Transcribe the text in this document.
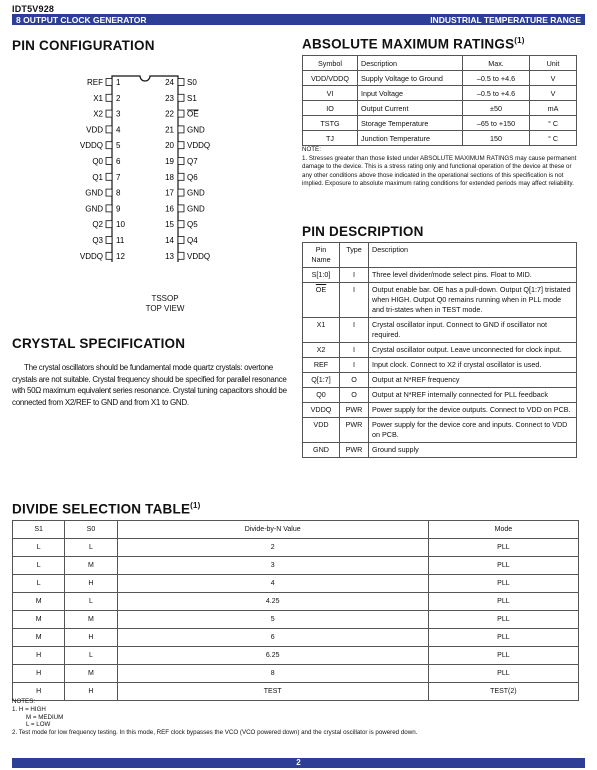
IDT5V928
8 OUTPUT CLOCK GENERATOR	INDUSTRIAL TEMPERATURE RANGE
PIN CONFIGURATION
1
REF
2
X1
3
X2
4
VDD
5
VDDQ
6
Q0
7
Q1
8
GND
9
GND
10
Q2
11
Q3
12
VDDQ
24 S0
23 S1
22 OE
21 GND
20 VDDQ
19 Q7
18 Q6
17 GND
16 GND
15 Q5
14 Q4
13 VDDQ
TSSOP
TOP VIEW
ABSOLUTE MAXIMUM RATINGS$^{(1)}$
Symbol	Description	Max.	Unit
VDD/VDDQ	Supply Voltage to Ground	–0.5 to +4.6	V
VI	Input Voltage	–0.5 to +4.6	V
IO	Output Current	±50	mA
TSTG	Storage Temperature	–65 to +150	° C
TJ	Junction Temperature	150	° C
NOTE:
1. Stresses greater than those listed under ABSOLUTE MAXIMUM RATINGS may cause permanent damage to the device. This is a stress rating only and functional operation of the device at these or any other conditions above those indicated in the operational sections of this specification is not implied. Exposure to absolute maximum rating conditions for extended periods may affect reliability.
PIN DESCRIPTION
Pin Name	Type	Description
S[1:0]	I	Three level divider/mode select pins. Float to MID.
$\overline{OE}$	I	Output enable bar. OE has a pull-down. Output Q[1:7] tristated when HIGH. Output Q0 remains running when in PLL mode and tri-states when in TEST mode.
X1	I	Crystal oscillator input. Connect to GND if oscillator not required.
X2	I	Crystal oscillator output. Leave unconnected for clock input.
REF	I	Input clock. Connect to X2 if crystal oscillator is used.
Q[1:7]	O	Output at N*REF frequency
Q0	O	Output at N*REF internally connected for PLL feedback
VDDQ	PWR	Power supply for the device outputs. Connect to VDD on PCB.
VDD	PWR	Power supply for the device core and inputs. Connect to VDD on PCB.
GND	PWR	Ground supply
CRYSTAL SPECIFICATION
The crystal oscillators should be fundamental mode quartz crystals: overtone crystals are not suitable. Crystal frequency should be specified for parallel resonance with 50Ω maximum equivalent series resonance. Crystal tuning capacitors should be connected from X2/REF to GND and from X1 to GND.
DIVIDE SELECTION TABLE$^{(1)}$
S1	S0	Divide-by-N Value	Mode
L	L	2	PLL
L	M	3	PLL
L	H	4	PLL
M	L	4.25	PLL
M	M	5	PLL
M	H	6	PLL
H	L	6.25	PLL
H	M	8	PLL
H	H	TEST	TEST(2)
NOTES:
1. H = HIGH
M = MEDIUM
L = LOW
2. Test mode for low frequency testing. In this mode, REF clock bypasses the VCO (VCO powered down) and the crystal oscillator is powered down.
2
